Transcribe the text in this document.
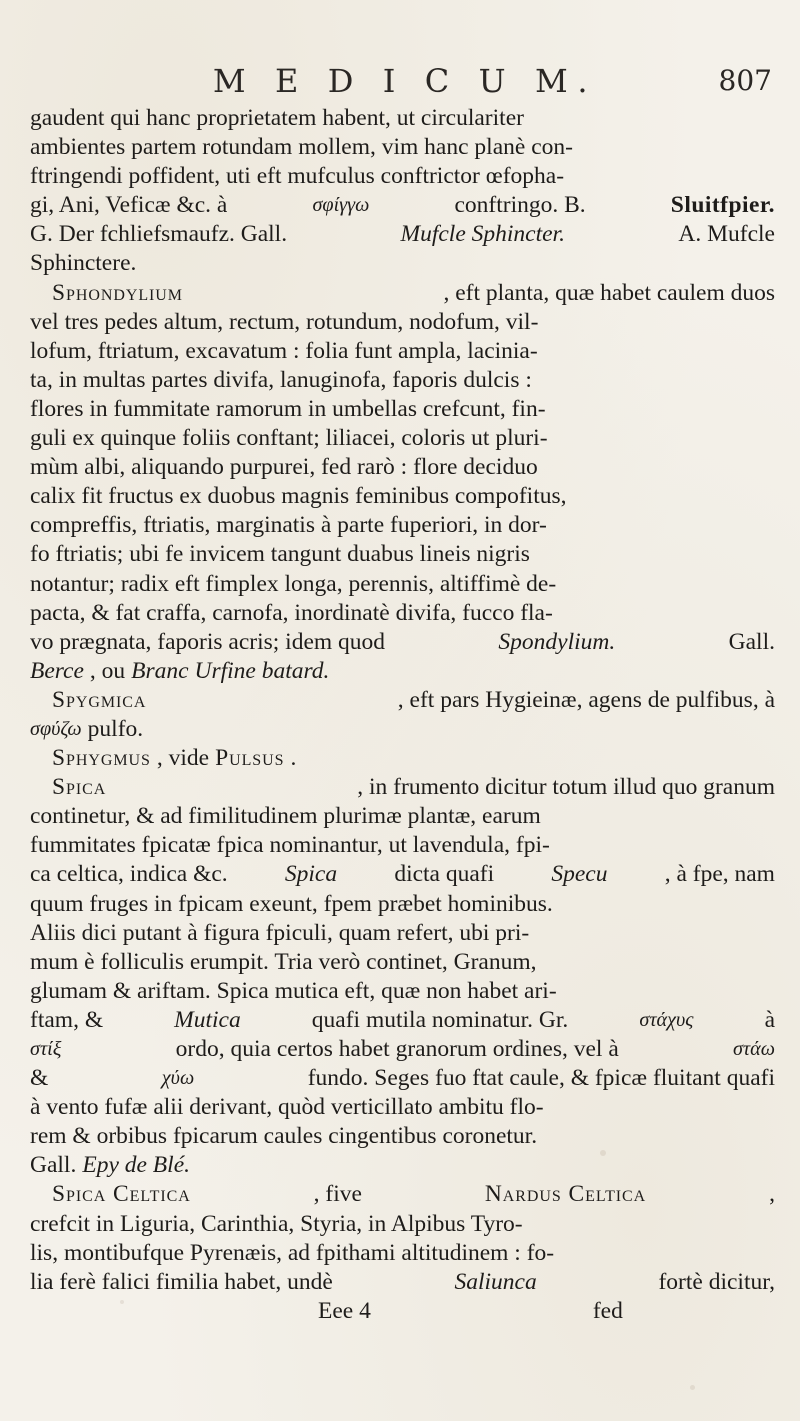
M E D I C U M.	807
gaudent qui hanc proprietatem habent, ut circulariter
ambientes partem rotundam mollem, vim hanc planè con-
ftringendi poffident, uti eft mufculus conftrictor œfopha-
gi, Ani, Veficæ &c. à	σφίγγω	conftringo. B.	Sluitfpier.
G. Der fchliefsmaufz. Gall.	Mufcle Sphincter.	A. Mufcle
Sphinctere.
Sphondylium	, eft planta, quæ habet caulem duos
vel tres pedes altum, rectum, rotundum, nodofum, vil-
lofum, ftriatum, excavatum : folia funt ampla, lacinia-
ta, in multas partes divifa, lanuginofa, faporis dulcis :
flores in fummitate ramorum in umbellas crefcunt, fin-
guli ex quinque foliis conftant; liliacei, coloris ut pluri-
mùm albi, aliquando purpurei, fed rarò : flore deciduo
calix fit fructus ex duobus magnis feminibus compofitus,
compreffis, ftriatis, marginatis à parte fuperiori, in dor-
fo ftriatis; ubi fe invicem tangunt duabus lineis nigris
notantur; radix eft fimplex longa, perennis, altiffimè de-
pacta, & fat craffa, carnofa, inordinatè divifa, fucco fla-
vo prægnata, faporis acris; idem quod	Spondylium.	Gall.
Berce , ou Branc Urfine batard.
Spygmica	, eft pars Hygieinæ, agens de pulfibus, à
σφύζω pulfo.
Sphygmus , vide Pulsus .
Spica	, in frumento dicitur totum illud quo granum
continetur, & ad fimilitudinem plurimæ plantæ, earum
fummitates fpicatæ fpica nominantur, ut lavendula, fpi-
ca celtica, indica &c. Spica dicta quafi Specu , à fpe, nam
quum fruges in fpicam exeunt, fpem præbet hominibus.
Aliis dici putant à figura fpiculi, quam refert, ubi pri-
mum è folliculis erumpit. Tria verò continet, Granum,
glumam & ariftam. Spica mutica eft, quæ non habet ari-
ftam, &	Mutica	quafi mutila nominatur. Gr.	στάχυς	à
στίξ	ordo, quia certos habet granorum ordines, vel à	στάω
&	χύω	fundo. Seges fuo ftat caule, & fpicæ fluitant quafi
à vento fufæ alii derivant, quòd verticillato ambitu flo-
rem & orbibus fpicarum caules cingentibus coronetur.
Gall. Epy de Blé.
Spica Celtica	, five	Nardus Celtica	,
crefcit in Liguria, Carinthia, Styria, in Alpibus Tyro-
lis, montibufque Pyrenæis, ad fpithami altitudinem : fo-
lia ferè falici fimilia habet, undè	Saliunca	fortè dicitur,
Eee 4	fed
